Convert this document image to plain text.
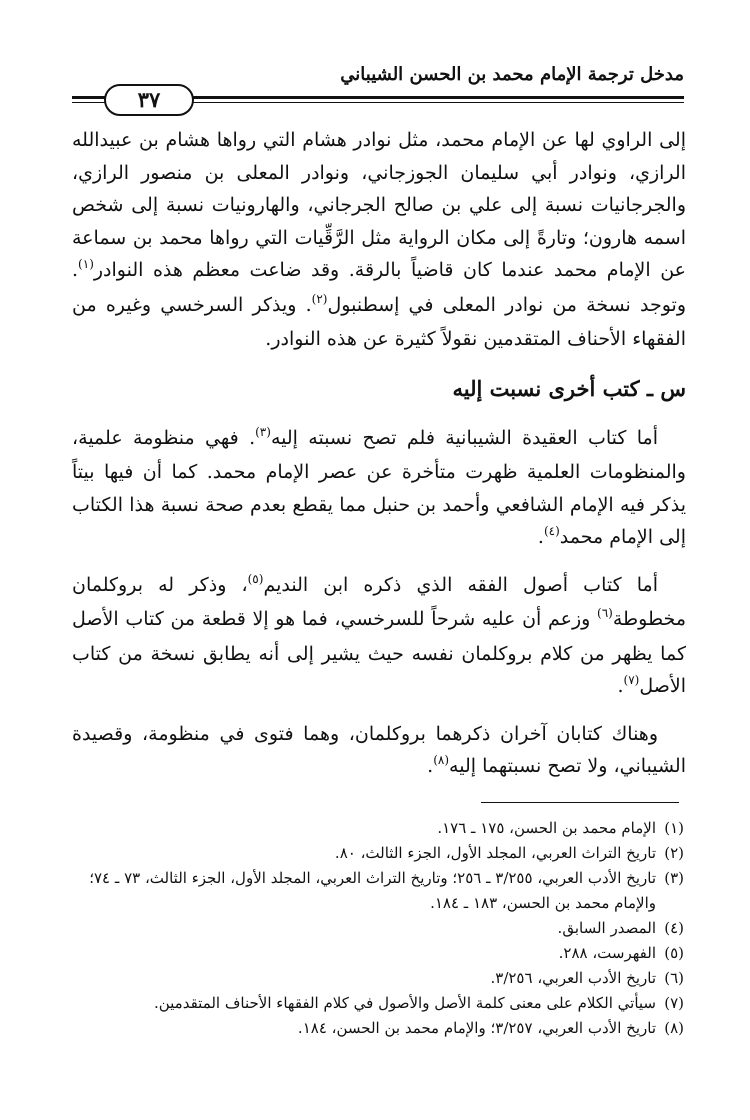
مدخل ترجمة الإمام محمد بن الحسن الشيباني
٣٧

إلى الراوي لها عن الإمام محمد، مثل نوادر هشام التي رواها هشام بن عبيدالله الرازي، ونوادر أبي سليمان الجوزجاني، ونوادر المعلى بن منصور الرازي، والجرجانيات نسبة إلى علي بن صالح الجرجاني، والهارونيات نسبة إلى شخص اسمه هارون؛ وتارةً إلى مكان الرواية مثل الرَّقِّيات التي رواها محمد بن سماعة عن الإمام محمد عندما كان قاضياً بالرقة. وقد ضاعت معظم هذه النوادر$^{(١)}$. وتوجد نسخة من نوادر المعلى في إسطنبول$^{(٢)}$. ويذكر السرخسي وغيره من الفقهاء الأحناف المتقدمين نقولاً كثيرة عن هذه النوادر.

س ـ كتب أخرى نسبت إليه

أما كتاب العقيدة الشيبانية فلم تصح نسبته إليه$^{(٣)}$. فهي منظومة علمية، والمنظومات العلمية ظهرت متأخرة عن عصر الإمام محمد. كما أن فيها بيتاً يذكر فيه الإمام الشافعي وأحمد بن حنبل مما يقطع بعدم صحة نسبة هذا الكتاب إلى الإمام محمد$^{(٤)}$.

أما كتاب أصول الفقه الذي ذكره ابن النديم$^{(٥)}$، وذكر له بروكلمان مخطوطة$^{(٦)}$ وزعم أن عليه شرحاً للسرخسي، فما هو إلا قطعة من كتاب الأصل كما يظهر من كلام بروكلمان نفسه حيث يشير إلى أنه يطابق نسخة من كتاب الأصل$^{(٧)}$.

وهناك كتابان آخران ذكرهما بروكلمان، وهما فتوى في منظومة، وقصيدة الشيباني، ولا تصح نسبتهما إليه$^{(٨)}$.

(١)
الإمام محمد بن الحسن، ١٧٥ ـ ١٧٦.
(٢)
تاريخ التراث العربي، المجلد الأول، الجزء الثالث، ٨٠.
(٣)
تاريخ الأدب العربي، ٣/٢٥٥ ـ ٢٥٦؛ وتاريخ التراث العربي، المجلد الأول، الجزء الثالث، ٧٣ ـ ٧٤؛ والإمام محمد بن الحسن، ١٨٣ ـ ١٨٤.
(٤)
المصدر السابق.
(٥)
الفهرست، ٢٨٨.
(٦)
تاريخ الأدب العربي، ٣/٢٥٦.
(٧)
سيأتي الكلام على معنى كلمة الأصل والأصول في كلام الفقهاء الأحناف المتقدمين.
(٨)
تاريخ الأدب العربي، ٣/٢٥٧؛ والإمام محمد بن الحسن، ١٨٤.
